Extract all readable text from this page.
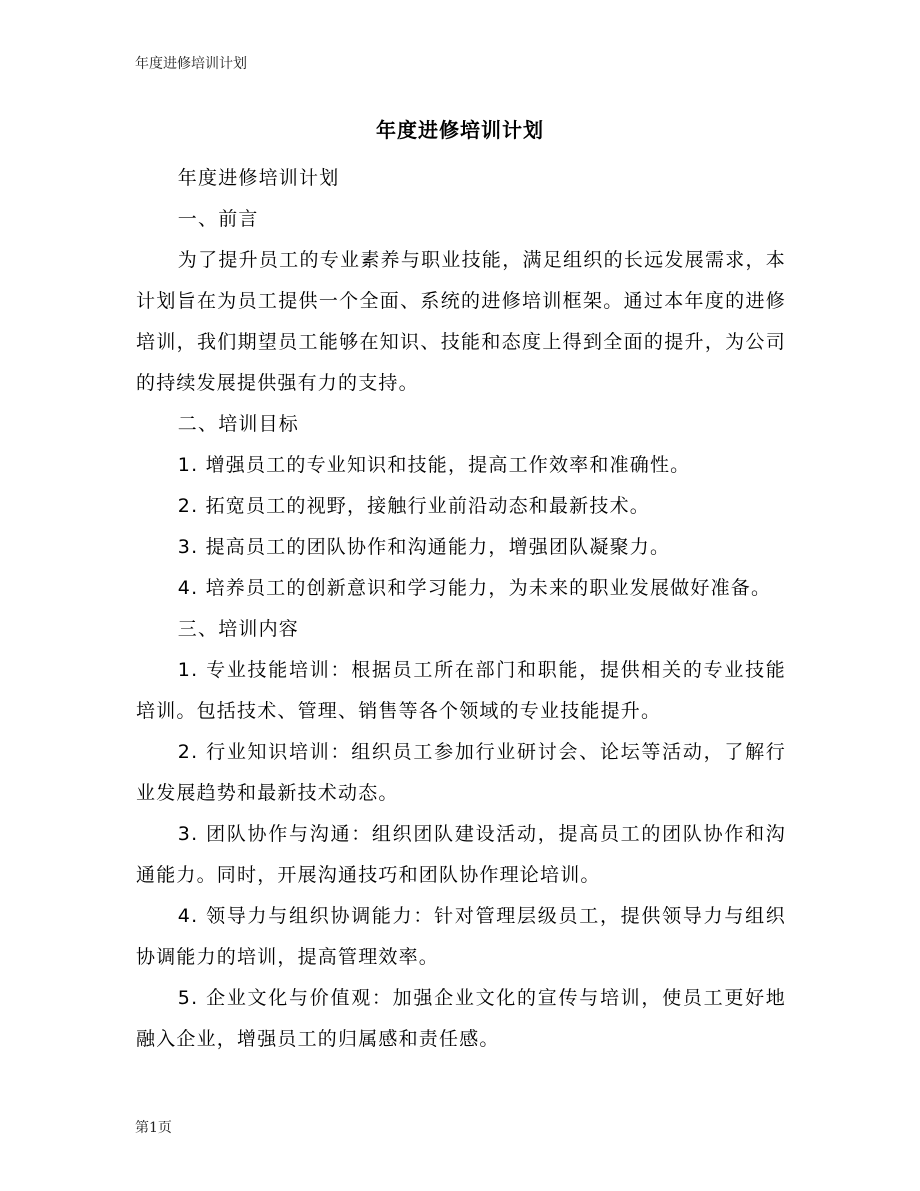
年度进修培训计划
年度进修培训计划

年度进修培训计划

一、前言

为了提升员工的专业素养与职业技能，满足组织的长远发展需求，本计划旨在为员工提供一个全面、系统的进修培训框架。通过本年度的进修培训，我们期望员工能够在知识、技能和态度上得到全面的提升，为公司的持续发展提供强有力的支持。

二、培训目标

1. 增强员工的专业知识和技能，提高工作效率和准确性。

2. 拓宽员工的视野，接触行业前沿动态和最新技术。

3. 提高员工的团队协作和沟通能力，增强团队凝聚力。

4. 培养员工的创新意识和学习能力，为未来的职业发展做好准备。

三、培训内容

1. 专业技能培训：根据员工所在部门和职能，提供相关的专业技能培训。包括技术、管理、销售等各个领域的专业技能提升。

2. 行业知识培训：组织员工参加行业研讨会、论坛等活动，了解行业发展趋势和最新技术动态。

3. 团队协作与沟通：组织团队建设活动，提高员工的团队协作和沟通能力。同时，开展沟通技巧和团队协作理论培训。

4. 领导力与组织协调能力：针对管理层级员工，提供领导力与组织协调能力的培训，提高管理效率。

5. 企业文化与价值观：加强企业文化的宣传与培训，使员工更好地融入企业，增强员工的归属感和责任感。

第1页
